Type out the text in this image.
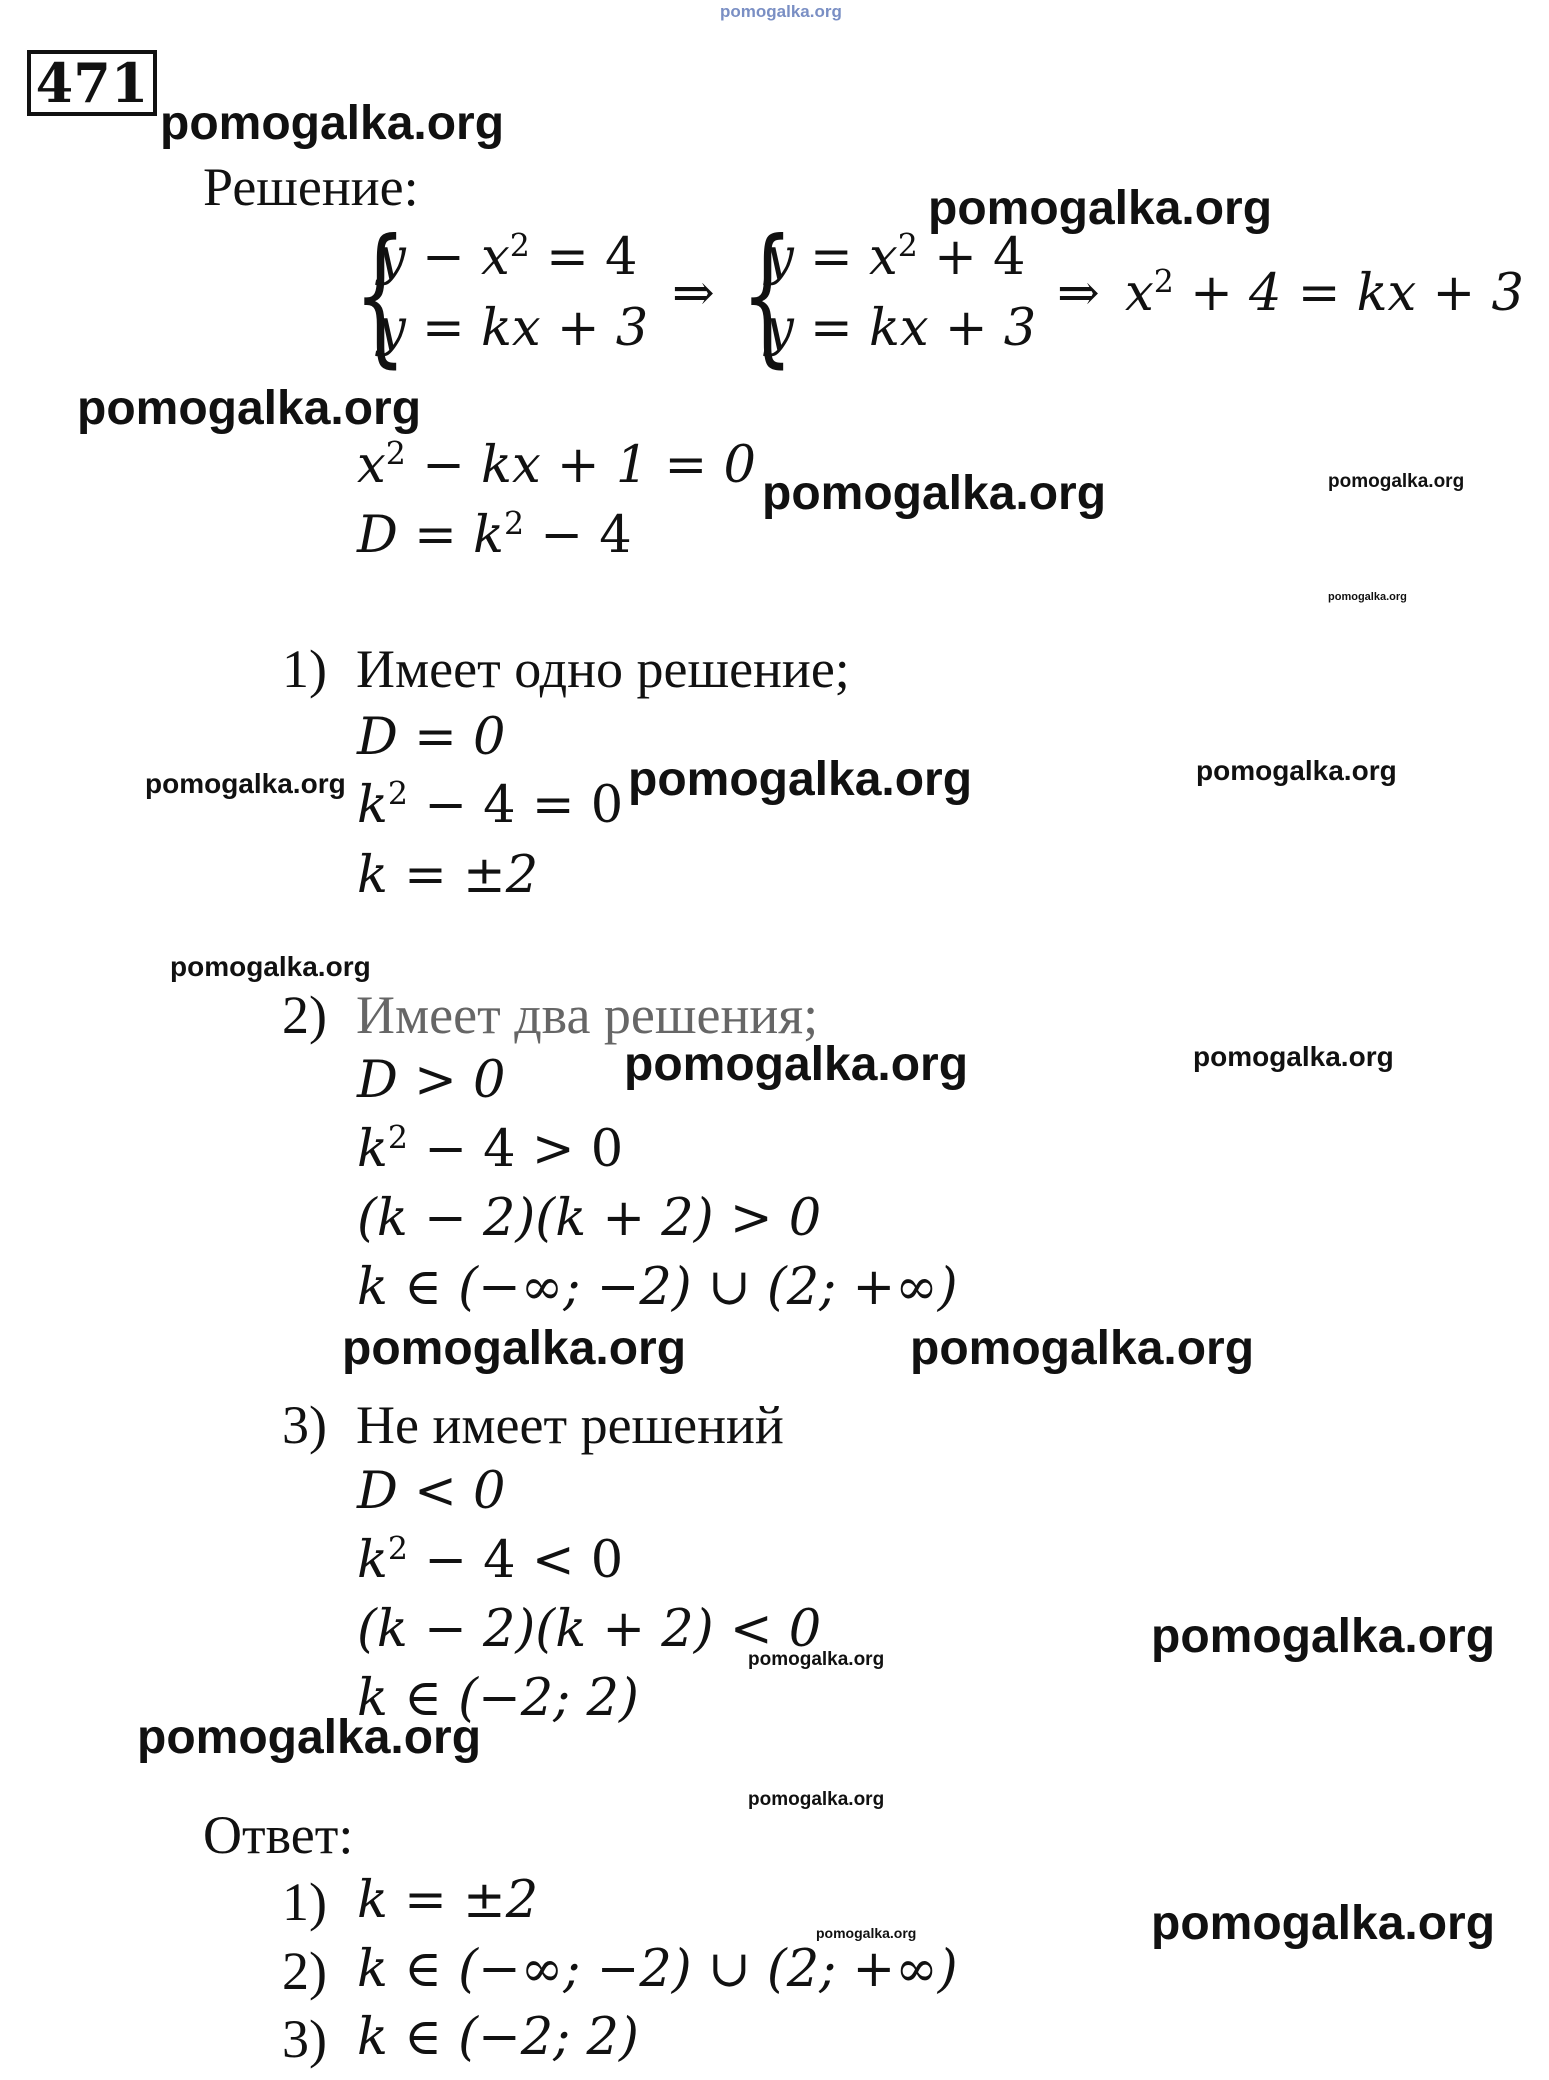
pomogalka.org
471
pomogalka.org
Решение:	pomogalka.org
{
$y - x^2 = 4$
y = kx + 3
⇒ {
$y = x^2 + 4$
y = kx + 3
⇒ $x^2 + 4$ = kx + 3
pomogalka.org
$x^2$ − kx + 1 = 0 pomogalka.org	pomogalka.org
$D = k^2 - 4$
pomogalka.org
1) Имеет одно решение;
D = 0
pomogalka.org	pomogalka.org	pomogalka.org
$k^2 - 4 = 0$
k = ±2
pomogalka.org
2) Имеет два решения;
D > 0 pomogalka.org	pomogalka.org
$k^2 - 4 > 0$
(k − 2)(k + 2) > 0
k ∈ (−∞; −2) ∪ (2; +∞)
pomogalka.org	pomogalka.org
3) Не имеет решений
D < 0
$k^2 - 4 < 0$
pomogalka.org
(k − 2)(k + 2) < 0
pomogalka.org
k ∈ (−2; 2)
pomogalka.org
pomogalka.org
Ответ:
1) k = ±2
pomogalka.org	pomogalka.org
2) k ∈ (−∞; −2) ∪ (2; +∞)
3) k ∈ (−2; 2)
